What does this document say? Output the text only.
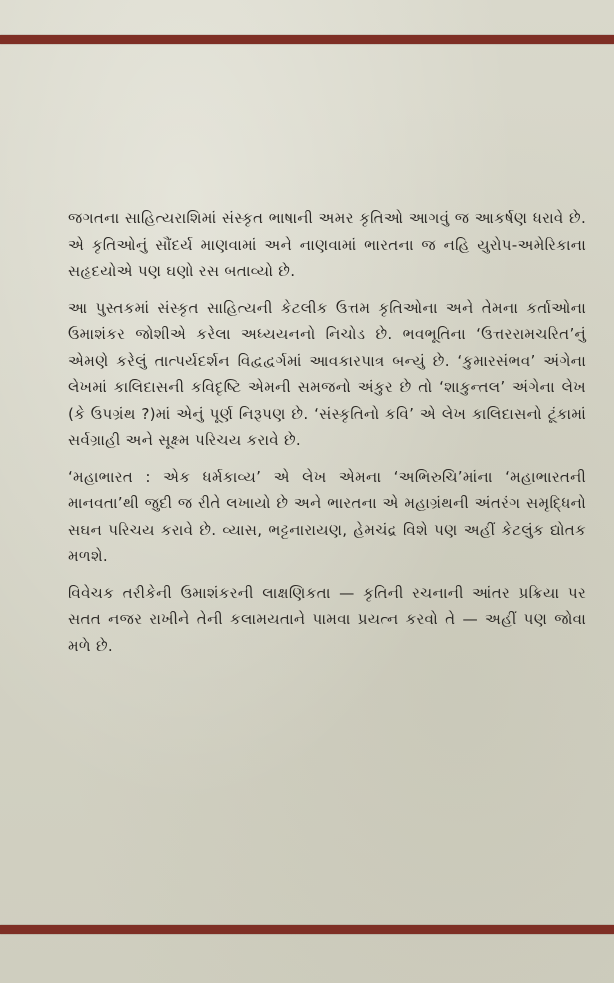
જગતના સાહિત્યરાશિમાં સંસ્કૃત ભાષાની અમર કૃતિઓ આગવું જ આકર્ષણ ધરાવે છે. એ કૃતિઓનું સૌંદર્ય માણવામાં અને નાણવામાં ભારતના જ નહિ યુરોપ-અમેરિકાના સહૃદયોએ પણ ઘણો રસ બતાવ્યો છે.

આ પુસ્તકમાં સંસ્કૃત સાહિત્યની કેટલીક ઉત્તમ કૃતિઓના અને તેમના કર્તાઓના ઉમાશંકર જોશીએ કરેલા અધ્યયનનો નિચોડ છે. ભવભૂતિના ‘ઉત્તરરામચરિત’નું એમણે કરેલું તાત્પર્યદર્શન વિદ્વદ્વર્ગમાં આવકારપાત્ર બન્યું છે. ‘કુમારસંભવ’ અંગેના લેખમાં કાલિદાસની કવિદૃષ્ટિ એમની સમજનો અંકુર છે તો ‘શાકુન્તલ’ અંગેના લેખ (કે ઉપગ્રંથ ?)માં એનું પૂર્ણ નિરૂપણ છે. ‘સંસ્કૃતિનો કવિ’ એ લેખ કાલિદાસનો ટૂંકામાં સર્વગ્રાહી અને સૂક્ષ્મ પરિચય કરાવે છે.

‘મહાભારત : એક ધર્મકાવ્ય’ એ લેખ એમના ‘અભિરુચિ’માંના ‘મહાભારતની માનવતા’થી જુદી જ રીતે લખાયો છે અને ભારતના એ મહાગ્રંથની અંતરંગ સમૃદ્ધિનો સઘન પરિચય કરાવે છે. વ્યાસ, ભટ્ટનારાયણ, હેમચંદ્ર વિશે પણ અહીં કેટલુંક દ્યોતક મળશે.

વિવેચક તરીકેની ઉમાશંકરની લાક્ષણિકતા — કૃતિની રચનાની આંતર પ્રક્રિયા પર સતત નજર રાખીને તેની કલામયતાને પામવા પ્રયત્ન કરવો તે — અહીં પણ જોવા મળે છે.
